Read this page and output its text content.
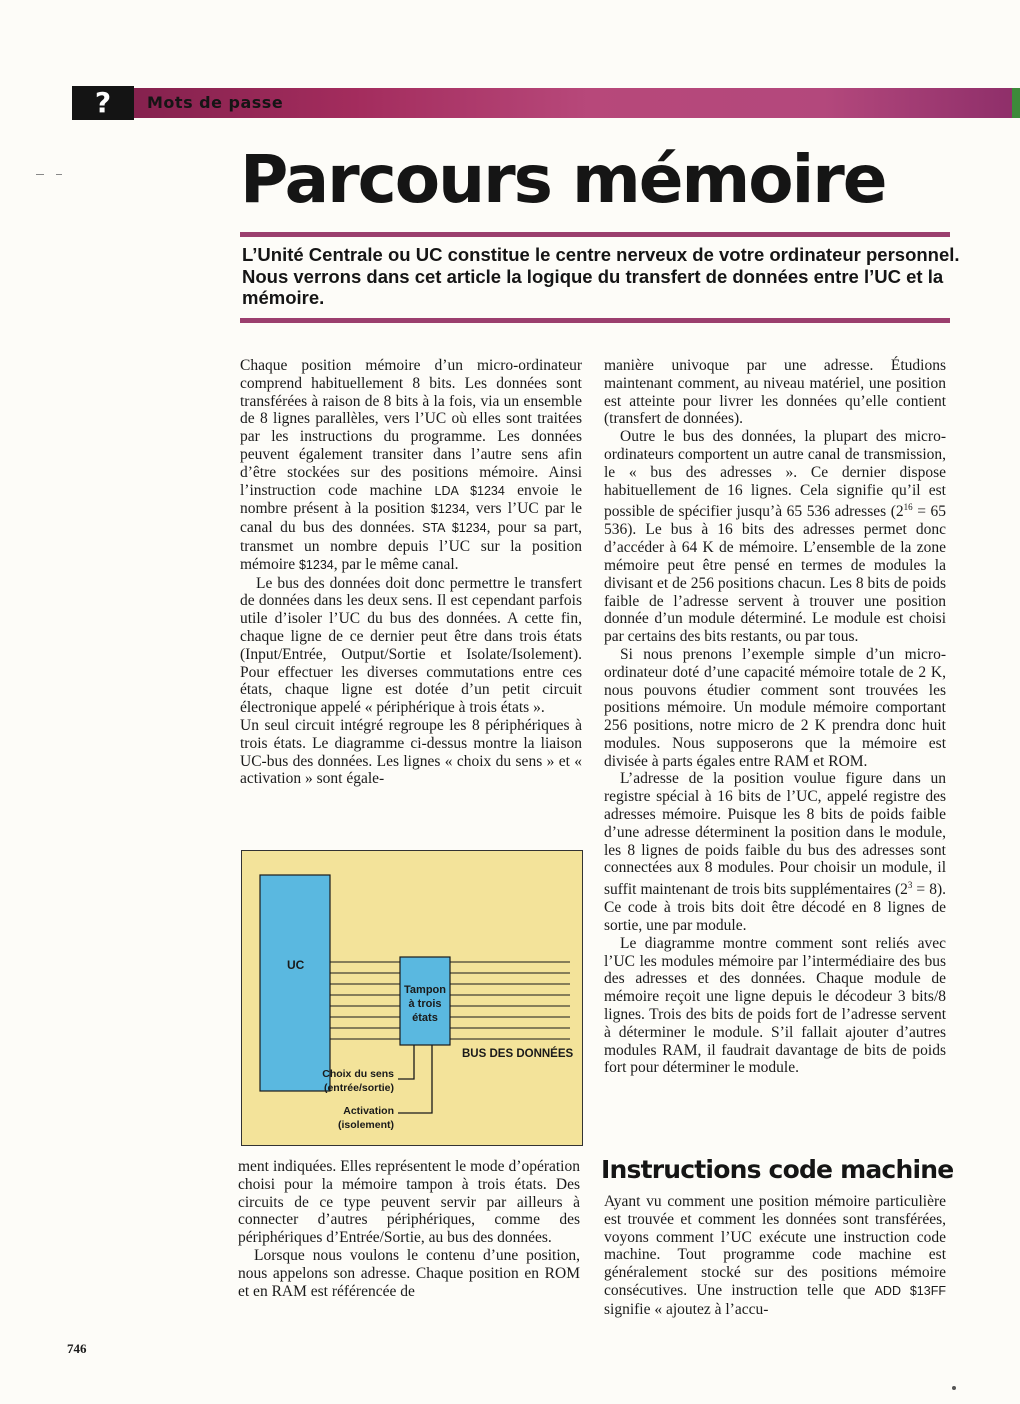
?	Mots de passe
Parcours mémoire

L’Unité Centrale ou UC constitue le centre nerveux de votre ordinateur personnel. Nous verrons dans cet article la logique du transfert de données entre l’UC et la mémoire.

Chaque position mémoire d’un micro-ordinateur comprend habituellement 8 bits. Les données sont transférées à raison de 8 bits à la fois, via un ensemble de 8 lignes parallèles, vers l’UC où elles sont traitées par les instructions du programme. Les données peuvent également transiter dans l’autre sens afin d’être stockées sur des positions mémoire. Ainsi l’instruction code machine LDA $1234 envoie le nombre présent à la position $1234, vers l’UC par le canal du bus des données. STA $1234, pour sa part, transmet un nombre depuis l’UC sur la position mémoire $1234, par le même canal.

Le bus des données doit donc permettre le transfert de données dans les deux sens. Il est cependant parfois utile d’isoler l’UC du bus des données. A cette fin, chaque ligne de ce dernier peut être dans trois états (Input/Entrée, Output/Sortie et Isolate/Isolement). Pour effectuer les diverses commutations entre ces états, chaque ligne est dotée d’un petit circuit électronique appelé « périphérique à trois états ».

Un seul circuit intégré regroupe les 8 périphériques à trois états. Le diagramme ci-dessus montre la liaison UC-bus des données. Les lignes « choix du sens » et « activation » sont égale-

UC
Tampon
à trois
états
BUS DES DONNÉES
Choix du sens
(entrée/sortie)
Activation
(isolement)

ment indiquées. Elles représentent le mode d’opération choisi pour la mémoire tampon à trois états. Des circuits de ce type peuvent servir par ailleurs à connecter d’autres périphériques, comme des périphériques d’Entrée/Sortie, au bus des données.

Lorsque nous voulons le contenu d’une position, nous appelons son adresse. Chaque position en ROM et en RAM est référencée de

manière univoque par une adresse. Étudions maintenant comment, au niveau matériel, une position est atteinte pour livrer les données qu’elle contient (transfert de données).

Outre le bus des données, la plupart des micro-ordinateurs comportent un autre canal de transmission, le « bus des adresses ». Ce dernier dispose habituellement de 16 lignes. Cela signifie qu’il est possible de spécifier jusqu’à 65 536 adresses ($2^{16} = 65$ 536). Le bus à 16 bits des adresses permet donc d’accéder à 64 K de mémoire. L’ensemble de la zone mémoire peut être pensé en termes de modules la divisant et de 256 positions chacun. Les 8 bits de poids faible de l’adresse servent à trouver une position donnée d’un module déterminé. Le module est choisi par certains des bits restants, ou par tous.

Si nous prenons l’exemple simple d’un micro-ordinateur doté d’une capacité mémoire totale de 2 K, nous pouvons étudier comment sont trouvées les positions mémoire. Un module mémoire comportant 256 positions, notre micro de 2 K prendra donc huit modules. Nous supposerons que la mémoire est divisée à parts égales entre RAM et ROM.

L’adresse de la position voulue figure dans un registre spécial à 16 bits de l’UC, appelé registre des adresses mémoire. Puisque les 8 bits de poids faible d’une adresse déterminent la position dans le module, les 8 lignes de poids faible du bus des adresses sont connectées aux 8 modules. Pour choisir un module, il suffit maintenant de trois bits supplémentaires $(2^3 = 8)$. Ce code à trois bits doit être décodé en 8 lignes de sortie, une par module.

Le diagramme montre comment sont reliés avec l’UC les modules mémoire par l’intermédiaire des bus des adresses et des données. Chaque module de mémoire reçoit une ligne depuis le décodeur 3 bits/8 lignes. Trois des bits de poids fort de l’adresse servent à déterminer le module. S’il fallait ajouter d’autres modules RAM, il faudrait davantage de bits de poids fort pour déterminer le module.

Instructions code machine

Ayant vu comment une position mémoire particulière est trouvée et comment les données sont transférées, voyons comment l’UC exécute une instruction code machine. Tout programme code machine est généralement stocké sur des positions mémoire consécutives. Une instruction telle que ADD $13FF signifie « ajoutez à l’accu-

746
